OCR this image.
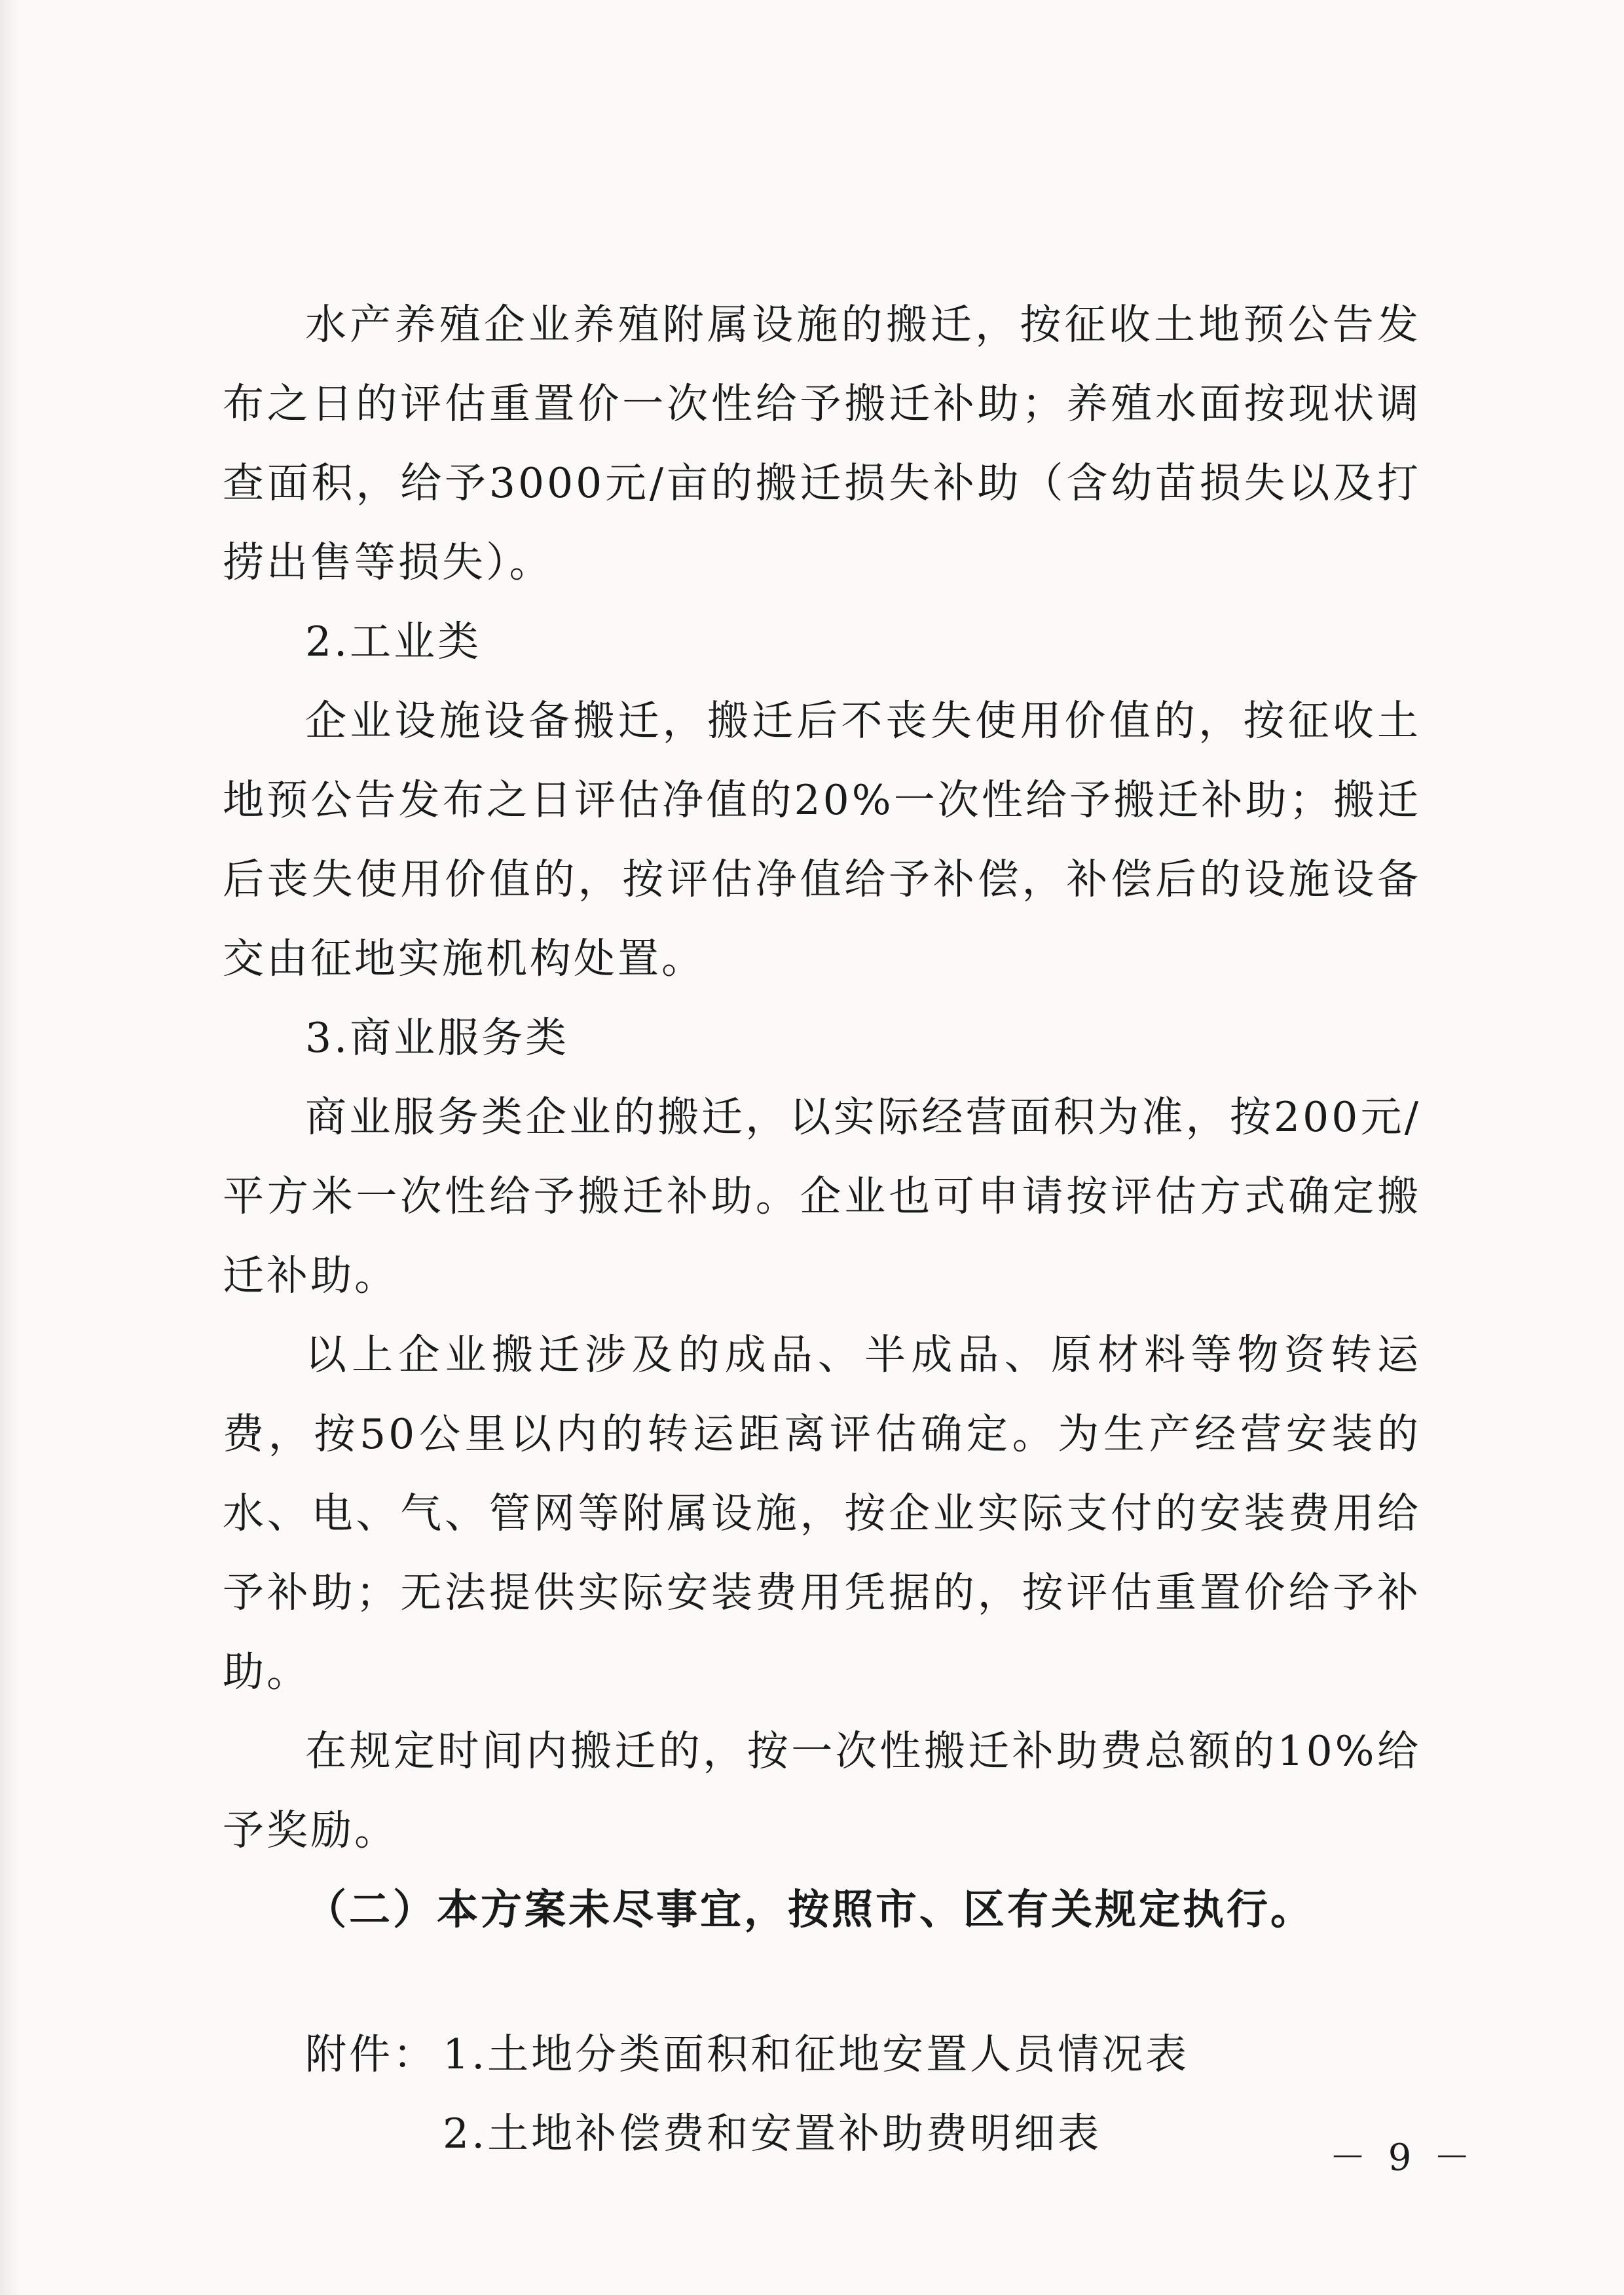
水产养殖企业养殖附属设施的搬迁，按征收土地预公告发布之日的评估重置价一次性给予搬迁补助；养殖水面按现状调查面积，给予3000元/亩的搬迁损失补助（含幼苗损失以及打捞出售等损失）。

2.工业类

企业设施设备搬迁，搬迁后不丧失使用价值的，按征收土地预公告发布之日评估净值的20%一次性给予搬迁补助；搬迁后丧失使用价值的，按评估净值给予补偿，补偿后的设施设备交由征地实施机构处置。

3.商业服务类

商业服务类企业的搬迁，以实际经营面积为准，按200元/平方米一次性给予搬迁补助。企业也可申请按评估方式确定搬迁补助。

以上企业搬迁涉及的成品、半成品、原材料等物资转运费，按50公里以内的转运距离评估确定。为生产经营安装的水、电、气、管网等附属设施，按企业实际支付的安装费用给予补助；无法提供实际安装费用凭据的，按评估重置价给予补助。

在规定时间内搬迁的，按一次性搬迁补助费总额的10%给予奖励。

（二）本方案未尽事宜，按照市、区有关规定执行。

附件： 1.土地分类面积和征地安置人员情况表
2.土地补偿费和安置补助费明细表
－ 9 －
